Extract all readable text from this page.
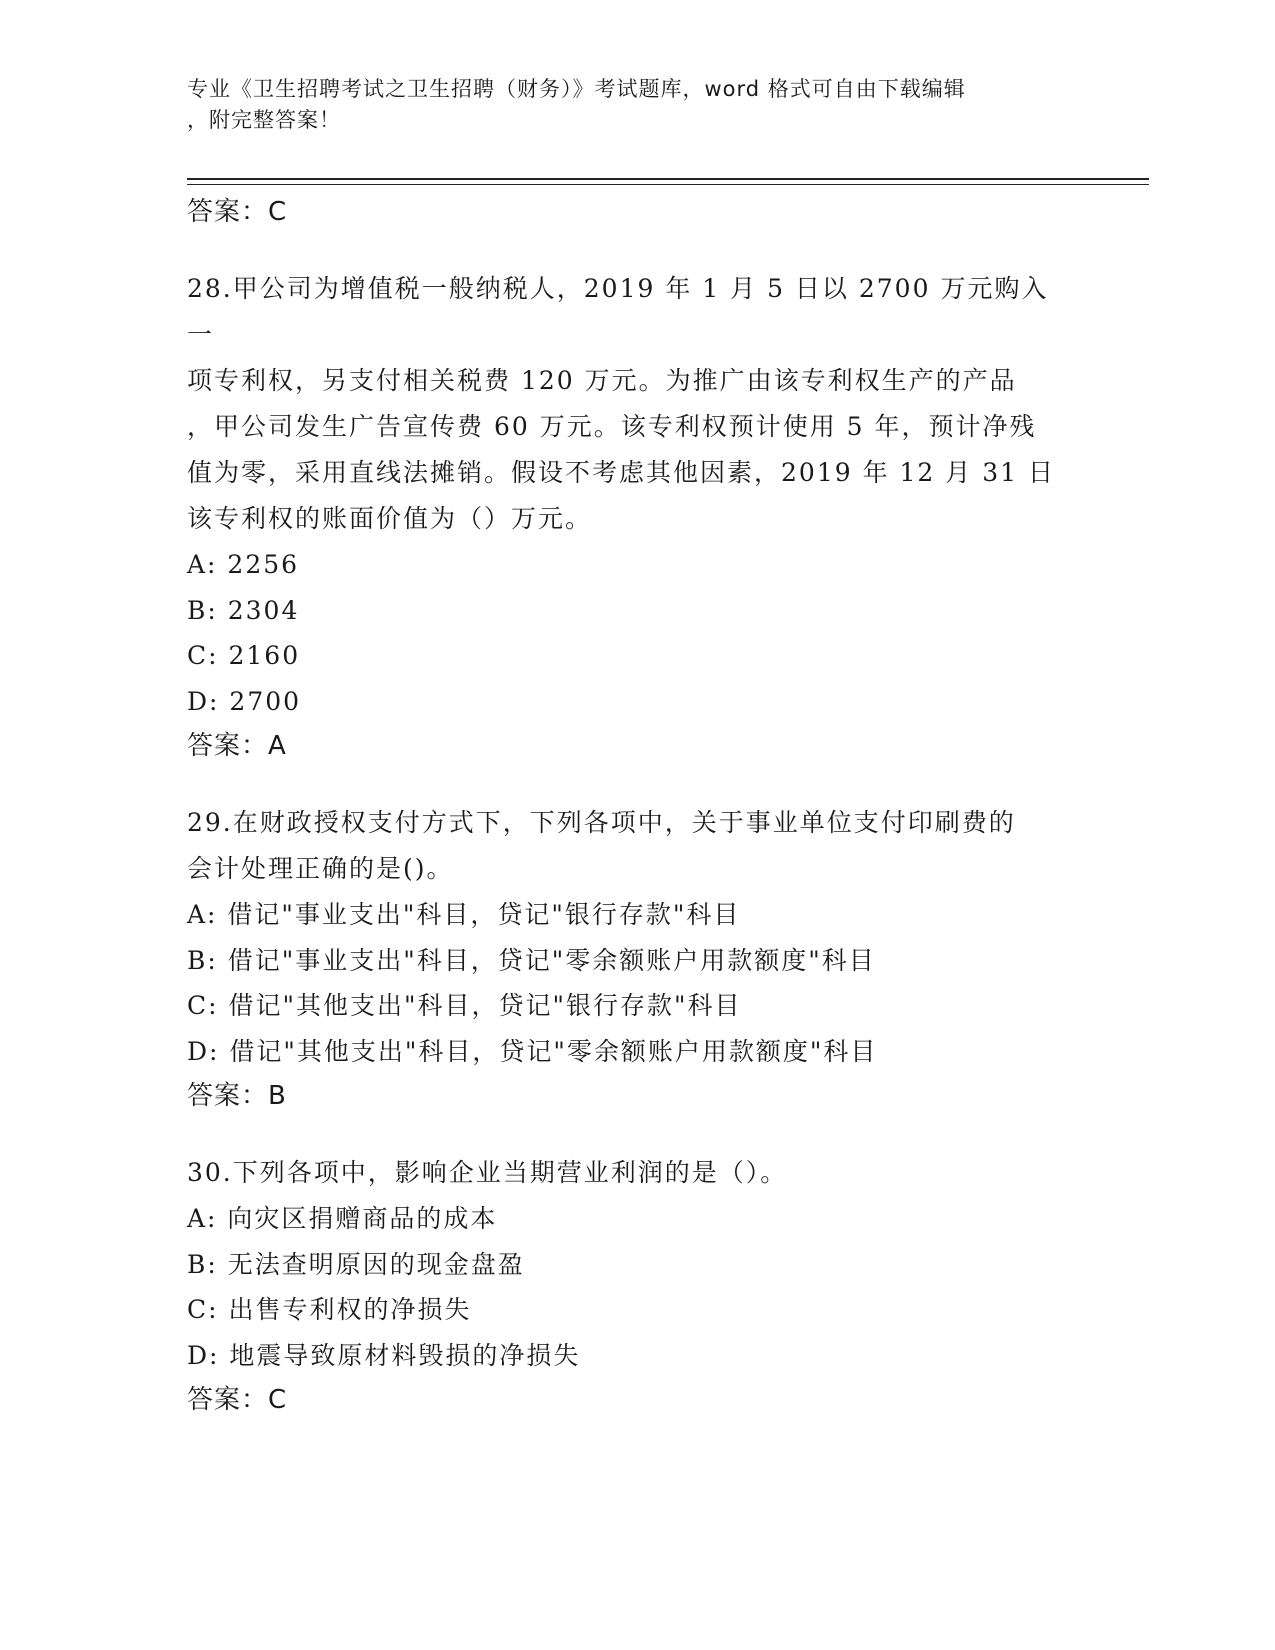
专业《卫生招聘考试之卫生招聘（财务）》考试题库，word 格式可自由下载编辑
，附完整答案！
答案：C
28.甲公司为增值税一般纳税人，2019 年 1 月 5 日以 2700 万元购入一
项专利权，另支付相关税费 120 万元。为推广由该专利权生产的产品
，甲公司发生广告宣传费 60 万元。该专利权预计使用 5 年，预计净残
值为零，采用直线法摊销。假设不考虑其他因素，2019 年 12 月 31 日
该专利权的账面价值为（）万元。
A: 2256
B: 2304
C: 2160
D: 2700
答案：A
29.在财政授权支付方式下，下列各项中，关于事业单位支付印刷费的
会计处理正确的是()。
A: 借记"事业支出"科目，贷记"银行存款"科目
B: 借记"事业支出"科目，贷记"零余额账户用款额度"科目
C: 借记"其他支出"科目，贷记"银行存款"科目
D: 借记"其他支出"科目，贷记"零余额账户用款额度"科目
答案：B
30.下列各项中，影响企业当期营业利润的是（）。
A: 向灾区捐赠商品的成本
B: 无法查明原因的现金盘盈
C: 出售专利权的净损失
D: 地震导致原材料毁损的净损失
答案：C
